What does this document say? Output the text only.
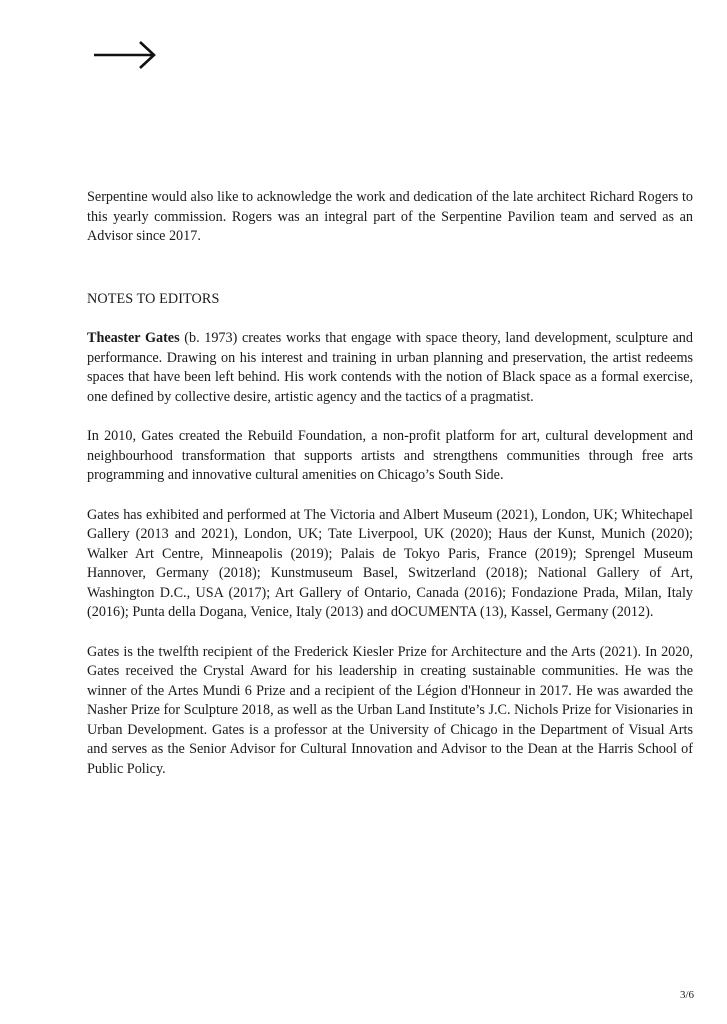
Serpentine would also like to acknowledge the work and dedication of the late architect Richard Rogers to this yearly commission. Rogers was an integral part of the Serpentine Pavilion team and served as an Advisor since 2017.

NOTES TO EDITORS

Theaster Gates (b. 1973) creates works that engage with space theory, land development, sculpture and performance. Drawing on his interest and training in urban planning and preservation, the artist redeems spaces that have been left behind. His work contends with the notion of Black space as a formal exercise, one defined by collective desire, artistic agency and the tactics of a pragmatist.

In 2010, Gates created the Rebuild Foundation, a non-profit platform for art, cultural development and neighbourhood transformation that supports artists and strengthens communities through free arts programming and innovative cultural amenities on Chicago’s South Side.

Gates has exhibited and performed at The Victoria and Albert Museum (2021), London, UK; Whitechapel Gallery (2013 and 2021), London, UK; Tate Liverpool, UK (2020); Haus der Kunst, Munich (2020); Walker Art Centre, Minneapolis (2019); Palais de Tokyo Paris, France (2019); Sprengel Museum Hannover, Germany (2018); Kunstmuseum Basel, Switzerland (2018); National Gallery of Art, Washington D.C., USA (2017); Art Gallery of Ontario, Canada (2016); Fondazione Prada, Milan, Italy (2016); Punta della Dogana, Venice, Italy (2013) and dOCUMENTA (13), Kassel, Germany (2012).

Gates is the twelfth recipient of the Frederick Kiesler Prize for Architecture and the Arts (2021). In 2020, Gates received the Crystal Award for his leadership in creating sustainable communities. He was the winner of the Artes Mundi 6 Prize and a recipient of the Légion d'Honneur in 2017. He was awarded the Nasher Prize for Sculpture 2018, as well as the Urban Land Institute’s J.C. Nichols Prize for Visionaries in Urban Development. Gates is a professor at the University of Chicago in the Department of Visual Arts and serves as the Senior Advisor for Cultural Innovation and Advisor to the Dean at the Harris School of Public Policy.

3/6
